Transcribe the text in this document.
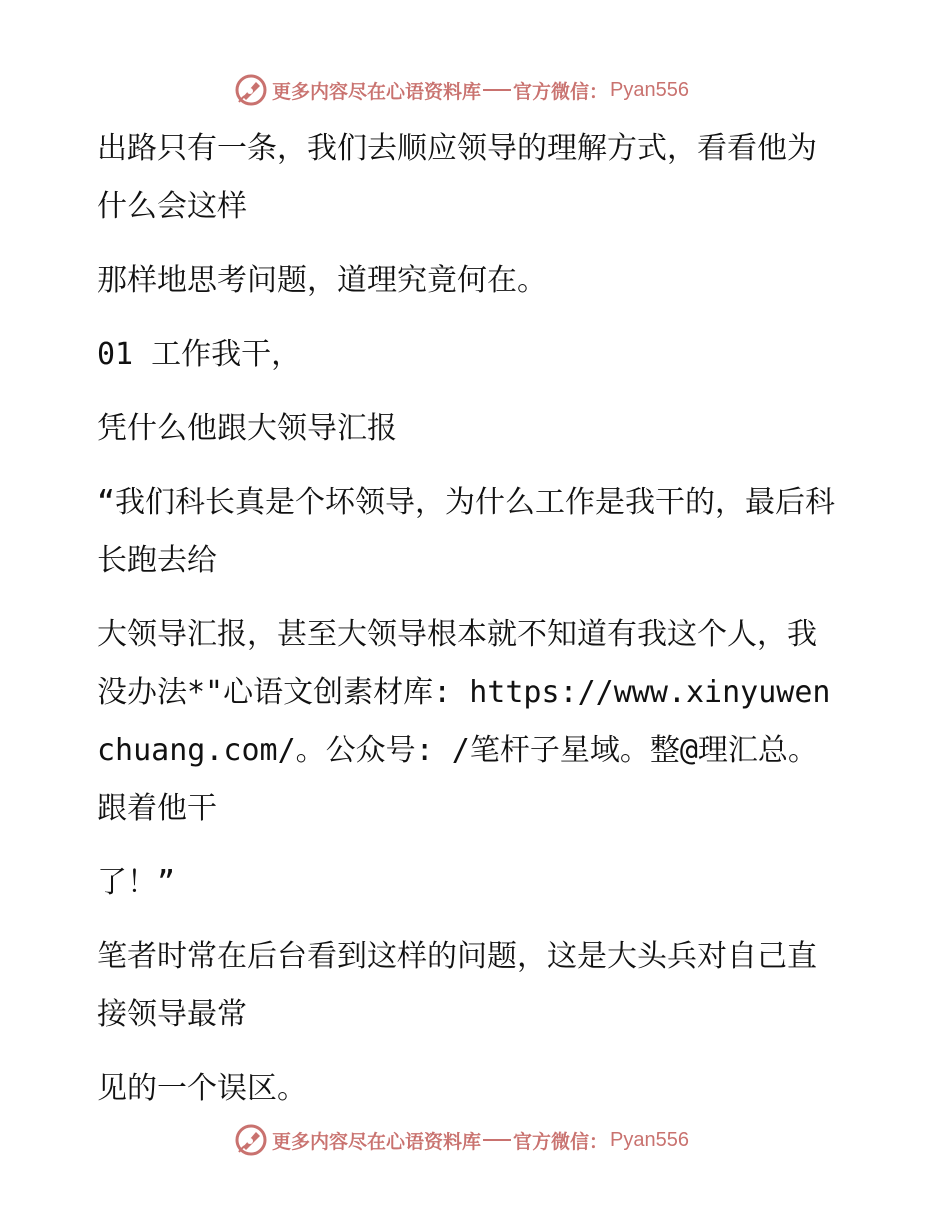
更多内容尽在心语资料库 官方微信： Pyan556

出路只有一条，我们去顺应领导的理解方式，看看他为什么会这样

那样地思考问题，道理究竟何在。

01 工作我干，

凭什么他跟大领导汇报

“我们科长真是个坏领导，为什么工作是我干的，最后科长跑去给

大领导汇报，甚至大领导根本就不知道有我这个人，我没办法*"心语文创素材库: https://www.xinyuwenchuang.com/。公众号: /笔杆子星域。整@理汇总。跟着他干

了！”

笔者时常在后台看到这样的问题，这是大头兵对自己直接领导最常

见的一个误区。

更多内容尽在心语资料库 官方微信： Pyan556
